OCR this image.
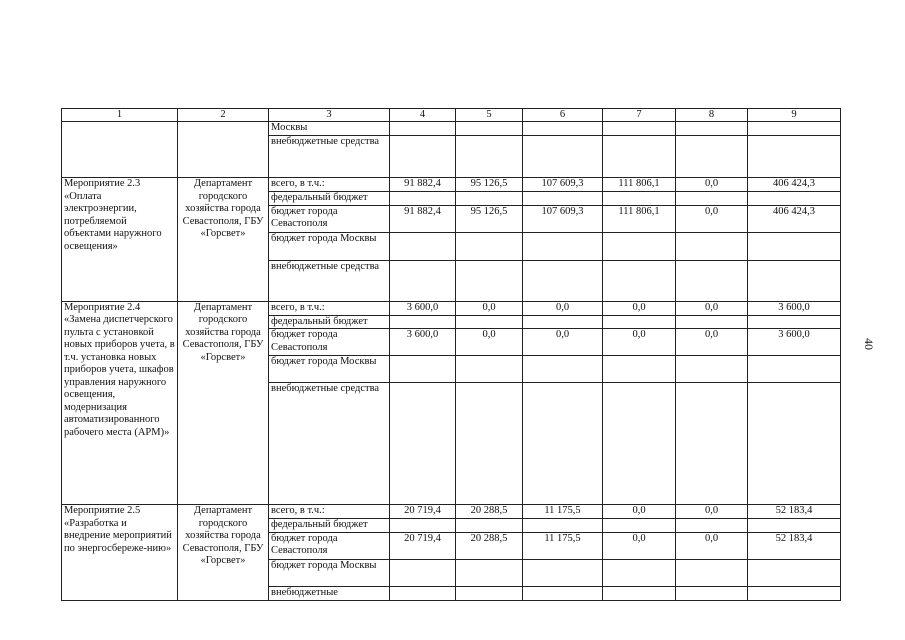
1	2	3	4	5	6	7	8	9
		Москвы						
		внебюджетные средства						
Мероприятие 2.3 «Оплата электроэнергии, потребляемой объектами наружного освещения»	Департамент городского хозяйства города Севастополя, ГБУ «Горсвет»	всего, в т.ч.:	91 882,4	95 126,5	107 609,3	111 806,1	0,0	406 424,3
		федеральный бюджет						
		бюджет города Севастополя	91 882,4	95 126,5	107 609,3	111 806,1	0,0	406 424,3
		бюджет города Москвы						
		внебюджетные средства						
Мероприятие 2.4 «Замена диспетчерского пульта с установкой новых приборов учета, в т.ч. установка новых приборов учета, шкафов управления наружного освещения, модернизация автоматизированного рабочего места (АРМ)»	Департамент городского хозяйства города Севастополя, ГБУ «Горсвет»	всего, в т.ч.:	3 600,0	0,0	0,0	0,0	0,0	3 600,0
		федеральный бюджет						
		бюджет города Севастополя	3 600,0	0,0	0,0	0,0	0,0	3 600,0
		бюджет города Москвы						
		внебюджетные средства						
Мероприятие 2.5 «Разработка и внедрение мероприятий по энергосбереже-нию»	Департамент городского хозяйства города Севастополя, ГБУ «Горсвет»	всего, в т.ч.:	20 719,4	20 288,5	11 175,5	0,0	0,0	52 183,4
		федеральный бюджет						
		бюджет города Севастополя	20 719,4	20 288,5	11 175,5	0,0	0,0	52 183,4
		бюджет города Москвы						
		внебюджетные						
40
